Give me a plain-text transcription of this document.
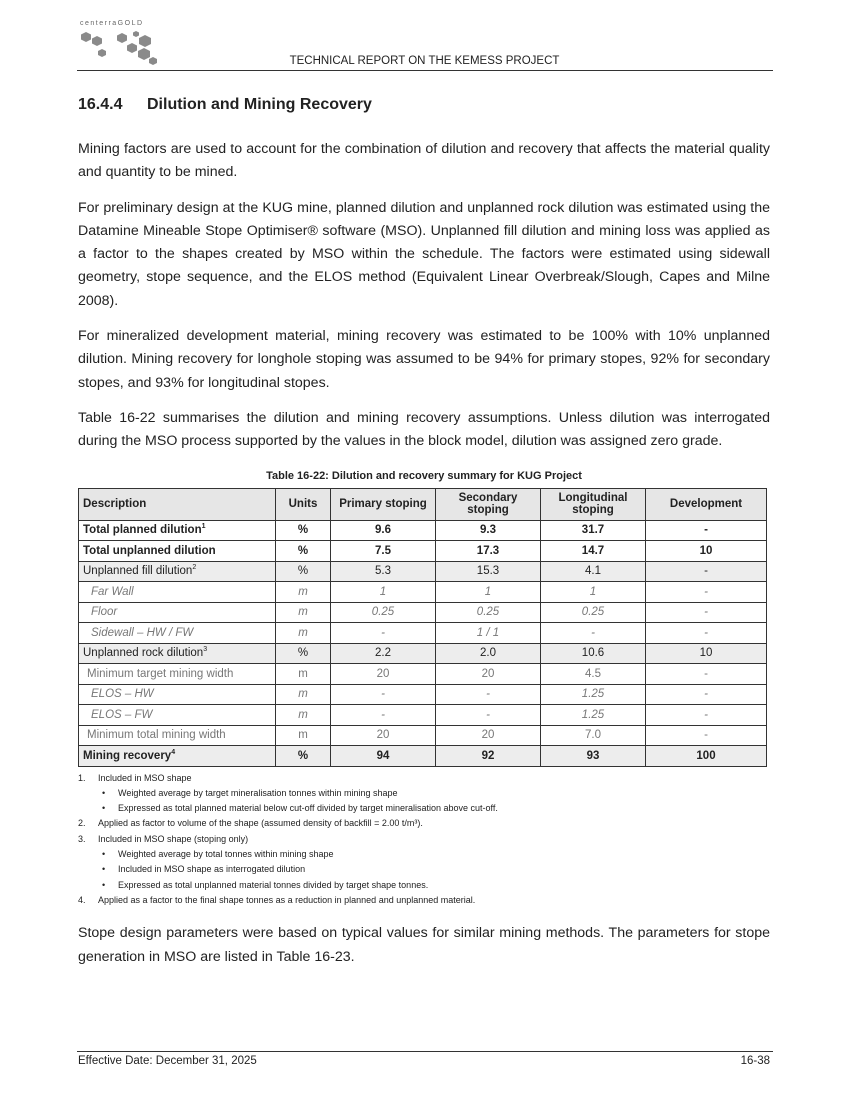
centerraGOLD
TECHNICAL REPORT ON THE KEMESS PROJECT
16.4.4 Dilution and Mining Recovery

Mining factors are used to account for the combination of dilution and recovery that affects the material quality and quantity to be mined.

For preliminary design at the KUG mine, planned dilution and unplanned rock dilution was estimated using the Datamine Mineable Stope Optimiser® software (MSO). Unplanned fill dilution and mining loss was applied as a factor to the shapes created by MSO within the schedule. The factors were estimated using sidewall geometry, stope sequence, and the ELOS method (Equivalent Linear Overbreak/Slough, Capes and Milne 2008).

For mineralized development material, mining recovery was estimated to be 100% with 10% unplanned dilution. Mining recovery for longhole stoping was assumed to be 94% for primary stopes, 92% for secondary stopes, and 93% for longitudinal stopes.

Table 16-22 summarises the dilution and mining recovery assumptions. Unless dilution was interrogated during the MSO process supported by the values in the block model, dilution was assigned zero grade.

Table 16-22: Dilution and recovery summary for KUG Project
Description	Units	Primary stoping	Secondary stoping	Longitudinal stoping	Development
Total planned dilution$^1$	%	9.6	9.3	31.7	-
Total unplanned dilution	%	7.5	17.3	14.7	10
Unplanned fill dilution$^2$	%	5.3	15.3	4.1	-
Far Wall	m	1	1	1	-
Floor	m	0.25	0.25	0.25	-
Sidewall – HW / FW	m	-	1 / 1	-	-
Unplanned rock dilution$^3$	%	2.2	2.0	10.6	10
Minimum target mining width	m	20	20	4.5	-
ELOS – HW	m	-	-	1.25	-
ELOS – FW	m	-	-	1.25	-
Minimum total mining width	m	20	20	7.0	-
Mining recovery$^4$	%	94	92	93	100
1. Included in MSO shape
• Weighted average by target mineralisation tonnes within mining shape
• Expressed as total planned material below cut-off divided by target mineralisation above cut-off.
2. Applied as factor to volume of the shape (assumed density of backfill = 2.00 t/m³).
3. Included in MSO shape (stoping only)
• Weighted average by total tonnes within mining shape
• Included in MSO shape as interrogated dilution
• Expressed as total unplanned material tonnes divided by target shape tonnes.
4. Applied as a factor to the final shape tonnes as a reduction in planned and unplanned material.

Stope design parameters were based on typical values for similar mining methods. The parameters for stope generation in MSO are listed in Table 16-23.

Effective Date: December 31, 2025	16-38
